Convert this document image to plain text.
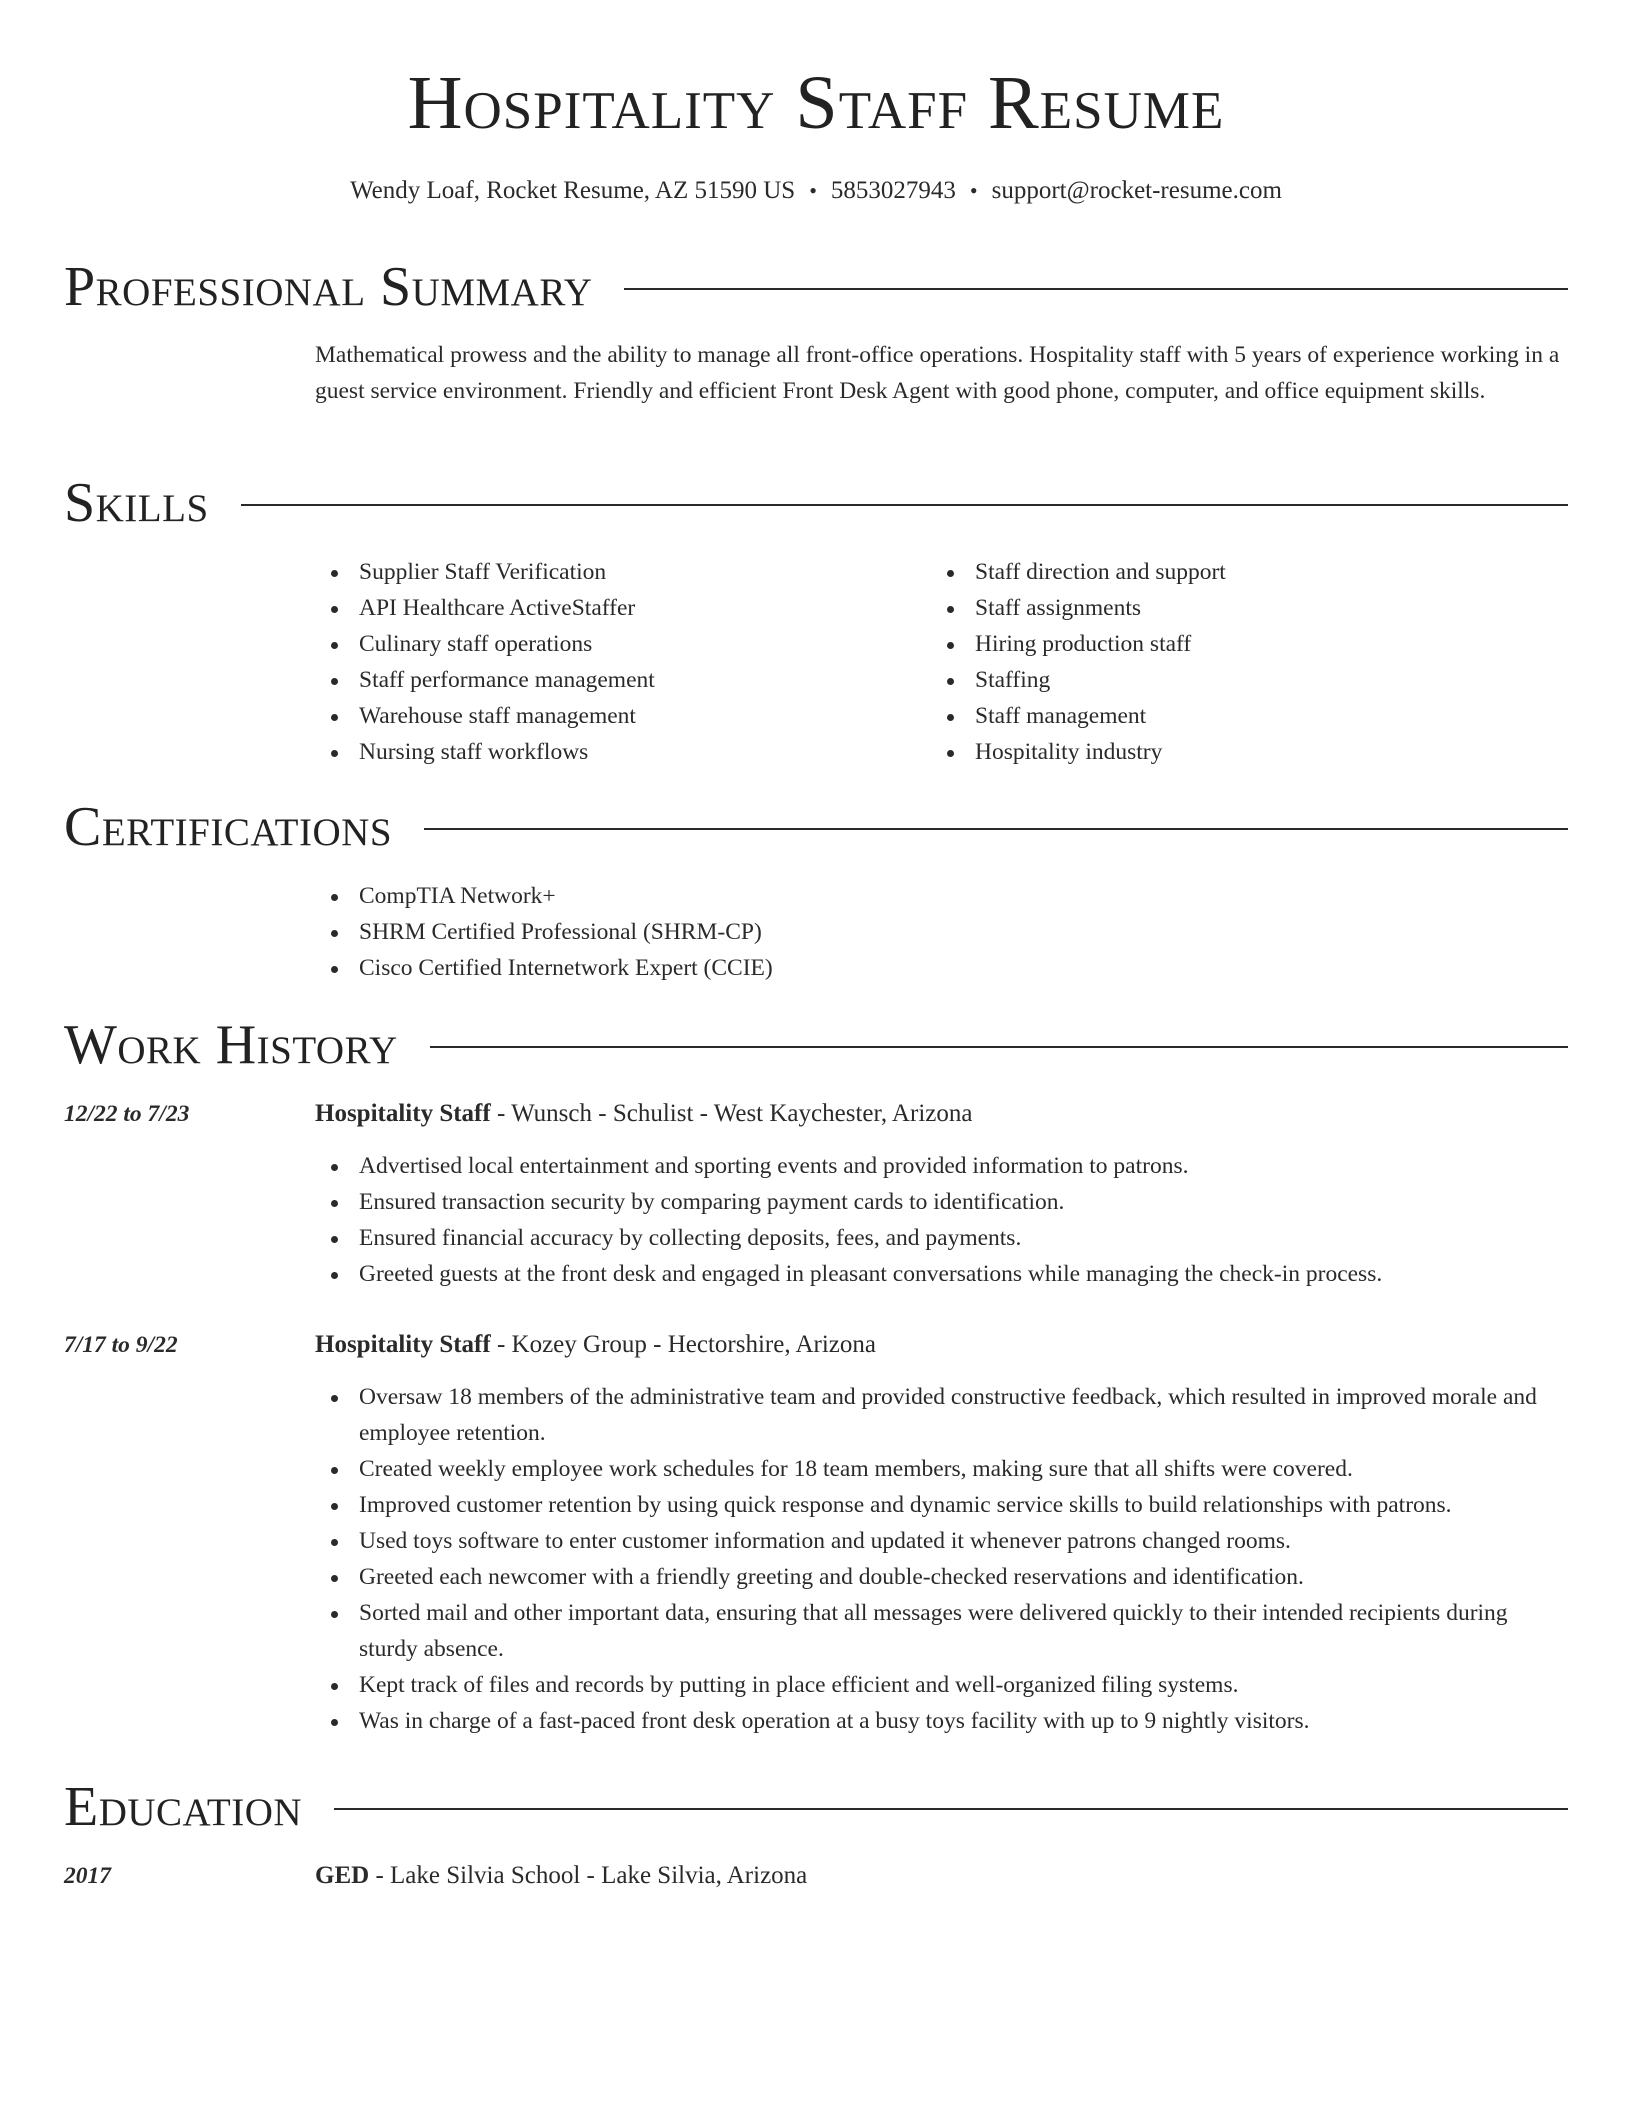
Hospitality Staff Resume
Wendy Loaf, Rocket Resume, AZ 51590 US • 5853027943 • support@rocket-resume.com
Professional Summary

Mathematical prowess and the ability to manage all front-office operations. Hospitality staff with 5 years of experience working in a guest service environment. Friendly and efficient Front Desk Agent with good phone, computer, and office equipment skills.

Skills
Supplier Staff Verification
API Healthcare ActiveStaffer
Culinary staff operations
Staff performance management
Warehouse staff management
Nursing staff workflows
Staff direction and support
Staff assignments
Hiring production staff
Staffing
Staff management
Hospitality industry
Certifications
CompTIA Network+
SHRM Certified Professional (SHRM-CP)
Cisco Certified Internetwork Expert (CCIE)
Work History
12/22 to 7/23	Hospitality Staff - Wunsch - Schulist - West Kaychester, Arizona
Advertised local entertainment and sporting events and provided information to patrons.
Ensured transaction security by comparing payment cards to identification.
Ensured financial accuracy by collecting deposits, fees, and payments.
Greeted guests at the front desk and engaged in pleasant conversations while managing the check-in process.
7/17 to 9/22	Hospitality Staff - Kozey Group - Hectorshire, Arizona
Oversaw 18 members of the administrative team and provided constructive feedback, which resulted in improved morale and employee retention.
Created weekly employee work schedules for 18 team members, making sure that all shifts were covered.
Improved customer retention by using quick response and dynamic service skills to build relationships with patrons.
Used toys software to enter customer information and updated it whenever patrons changed rooms.
Greeted each newcomer with a friendly greeting and double-checked reservations and identification.
Sorted mail and other important data, ensuring that all messages were delivered quickly to their intended recipients during sturdy absence.
Kept track of files and records by putting in place efficient and well-organized filing systems.
Was in charge of a fast-paced front desk operation at a busy toys facility with up to 9 nightly visitors.
Education
2017	GED - Lake Silvia School - Lake Silvia, Arizona
